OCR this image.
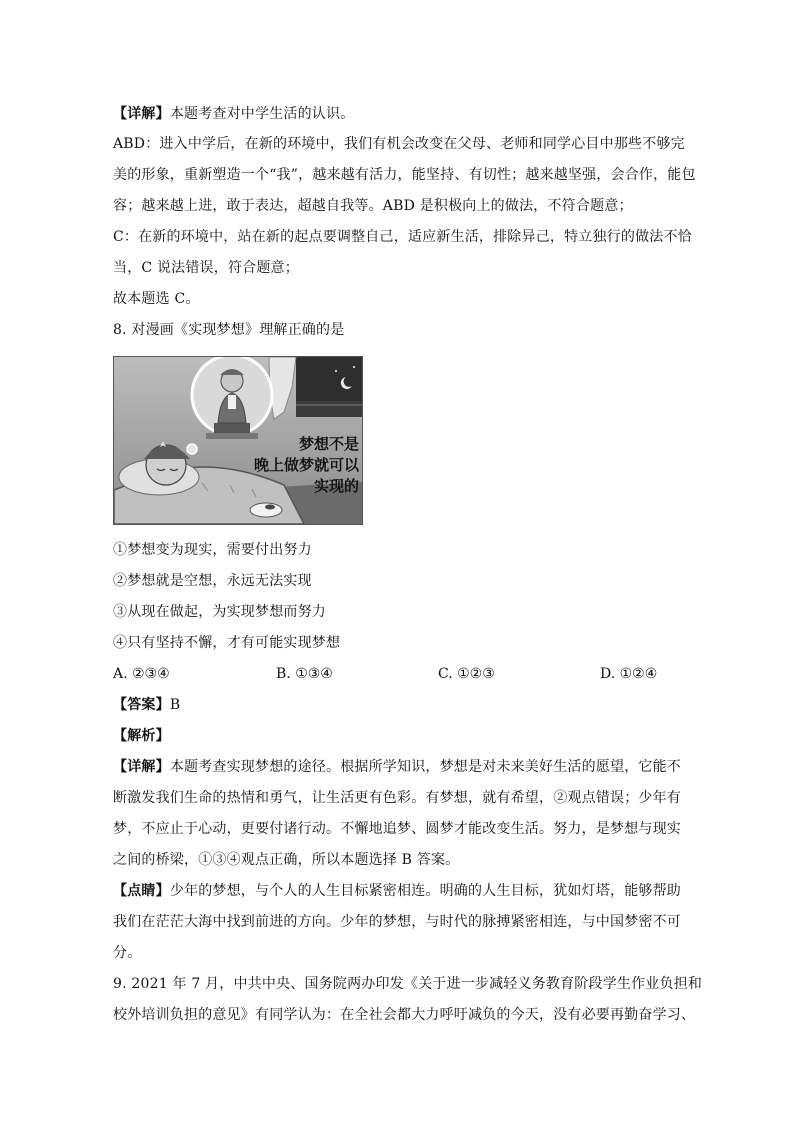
【详解】本题考查对中学生活的认识。
ABD：进入中学后，在新的环境中，我们有机会改变在父母、老师和同学心目中那些不够完
美的形象，重新塑造一个“我”，越来越有活力，能坚持、有切性；越来越坚强，会合作，能包
容；越来越上进，敢于表达，超越自我等。ABD 是积极向上的做法，不符合题意；
C：在新的环境中，站在新的起点要调整自己，适应新生活，排除异己，特立独行的做法不恰
当，C 说法错误，符合题意；
故本题选 C。
8. 对漫画《实现梦想》理解正确的是
梦想不是
晚上做梦就可以
实现的
①梦想变为现实，需要付出努力
②梦想就是空想，永远无法实现
③从现在做起，为实现梦想而努力
④只有坚持不懈，才有可能实现梦想
A. ②③④	B. ①③④	C. ①②③	D. ①②④
【答案】B
【解析】
【详解】本题考查实现梦想的途径。根据所学知识，梦想是对未来美好生活的愿望，它能不
断激发我们生命的热情和勇气，让生活更有色彩。有梦想，就有希望，②观点错误；少年有
梦，不应止于心动，更要付诸行动。不懈地追梦、圆梦才能改变生活。努力，是梦想与现实
之间的桥梁，①③④观点正确，所以本题选择 B 答案。
【点睛】少年的梦想，与个人的人生目标紧密相连。明确的人生目标，犹如灯塔，能够帮助
我们在茫茫大海中找到前进的方向。少年的梦想，与时代的脉搏紧密相连，与中国梦密不可
分。
9. 2021 年 7 月，中共中央、国务院两办印发《关于进一步减轻义务教育阶段学生作业负担和
校外培训负担的意见》有同学认为：在全社会都大力呼吁减负的今天，没有必要再勤奋学习、
